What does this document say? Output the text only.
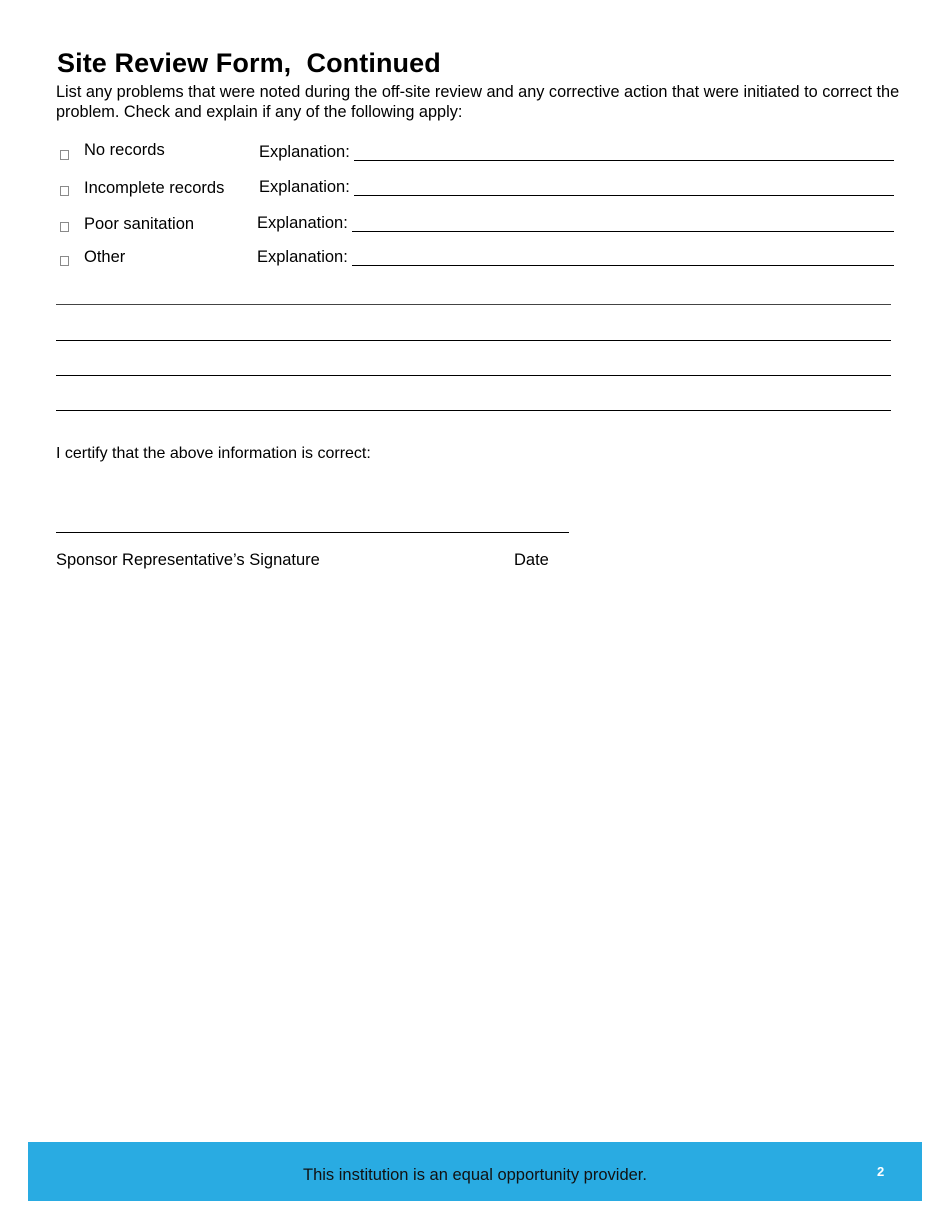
Site Review Form,  Continued
List any problems that were noted during the off-site review and any corrective action that were initiated to correct the problem. Check and explain if any of the following apply:
No records	Explanation:
Incomplete records Explanation:
Poor sanitation	Explanation:
Other	Explanation:
I certify that the above information is correct:
Sponsor Representative’s Signature	Date
This institution is an equal opportunity provider.	2
